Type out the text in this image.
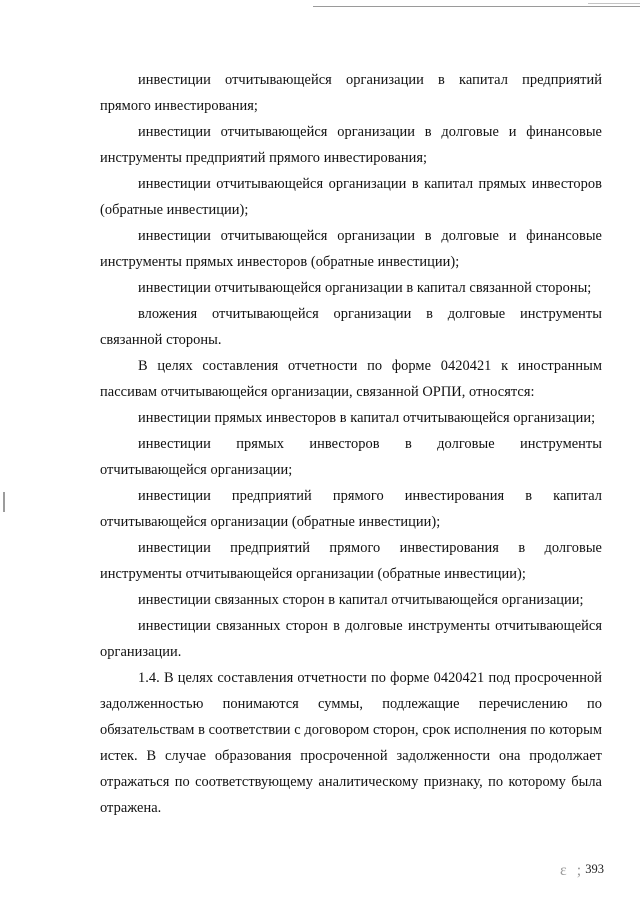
инвестиции отчитывающейся организации в капитал предприятий прямого инвестирования;

инвестиции отчитывающейся организации в долговые и финансовые инструменты предприятий прямого инвестирования;

инвестиции отчитывающейся организации в капитал прямых инвесторов (обратные инвестиции);

инвестиции отчитывающейся организации в долговые и финансовые инструменты прямых инвесторов (обратные инвестиции);

инвестиции отчитывающейся организации в капитал связанной стороны;

вложения отчитывающейся организации в долговые инструменты связанной стороны.

В целях составления отчетности по форме 0420421 к иностранным пассивам отчитывающейся организации, связанной ОРПИ, относятся:

инвестиции прямых инвесторов в капитал отчитывающейся организации;

инвестиции прямых инвесторов в долговые инструменты отчитывающейся организации;

инвестиции предприятий прямого инвестирования в капитал отчитывающейся организации (обратные инвестиции);

инвестиции предприятий прямого инвестирования в долговые инструменты отчитывающейся организации (обратные инвестиции);

инвестиции связанных сторон в капитал отчитывающейся организации;

инвестиции связанных сторон в долговые инструменты отчитывающейся организации.

1.4. В целях составления отчетности по форме 0420421 под просроченной задолженностью понимаются суммы, подлежащие перечислению по обязательствам в соответствии с договором сторон, срок исполнения по которым истек. В случае образования просроченной задолженности она продолжает отражаться по соответствующему аналитическому признаку, по которому была отражена.

ε ; 393
